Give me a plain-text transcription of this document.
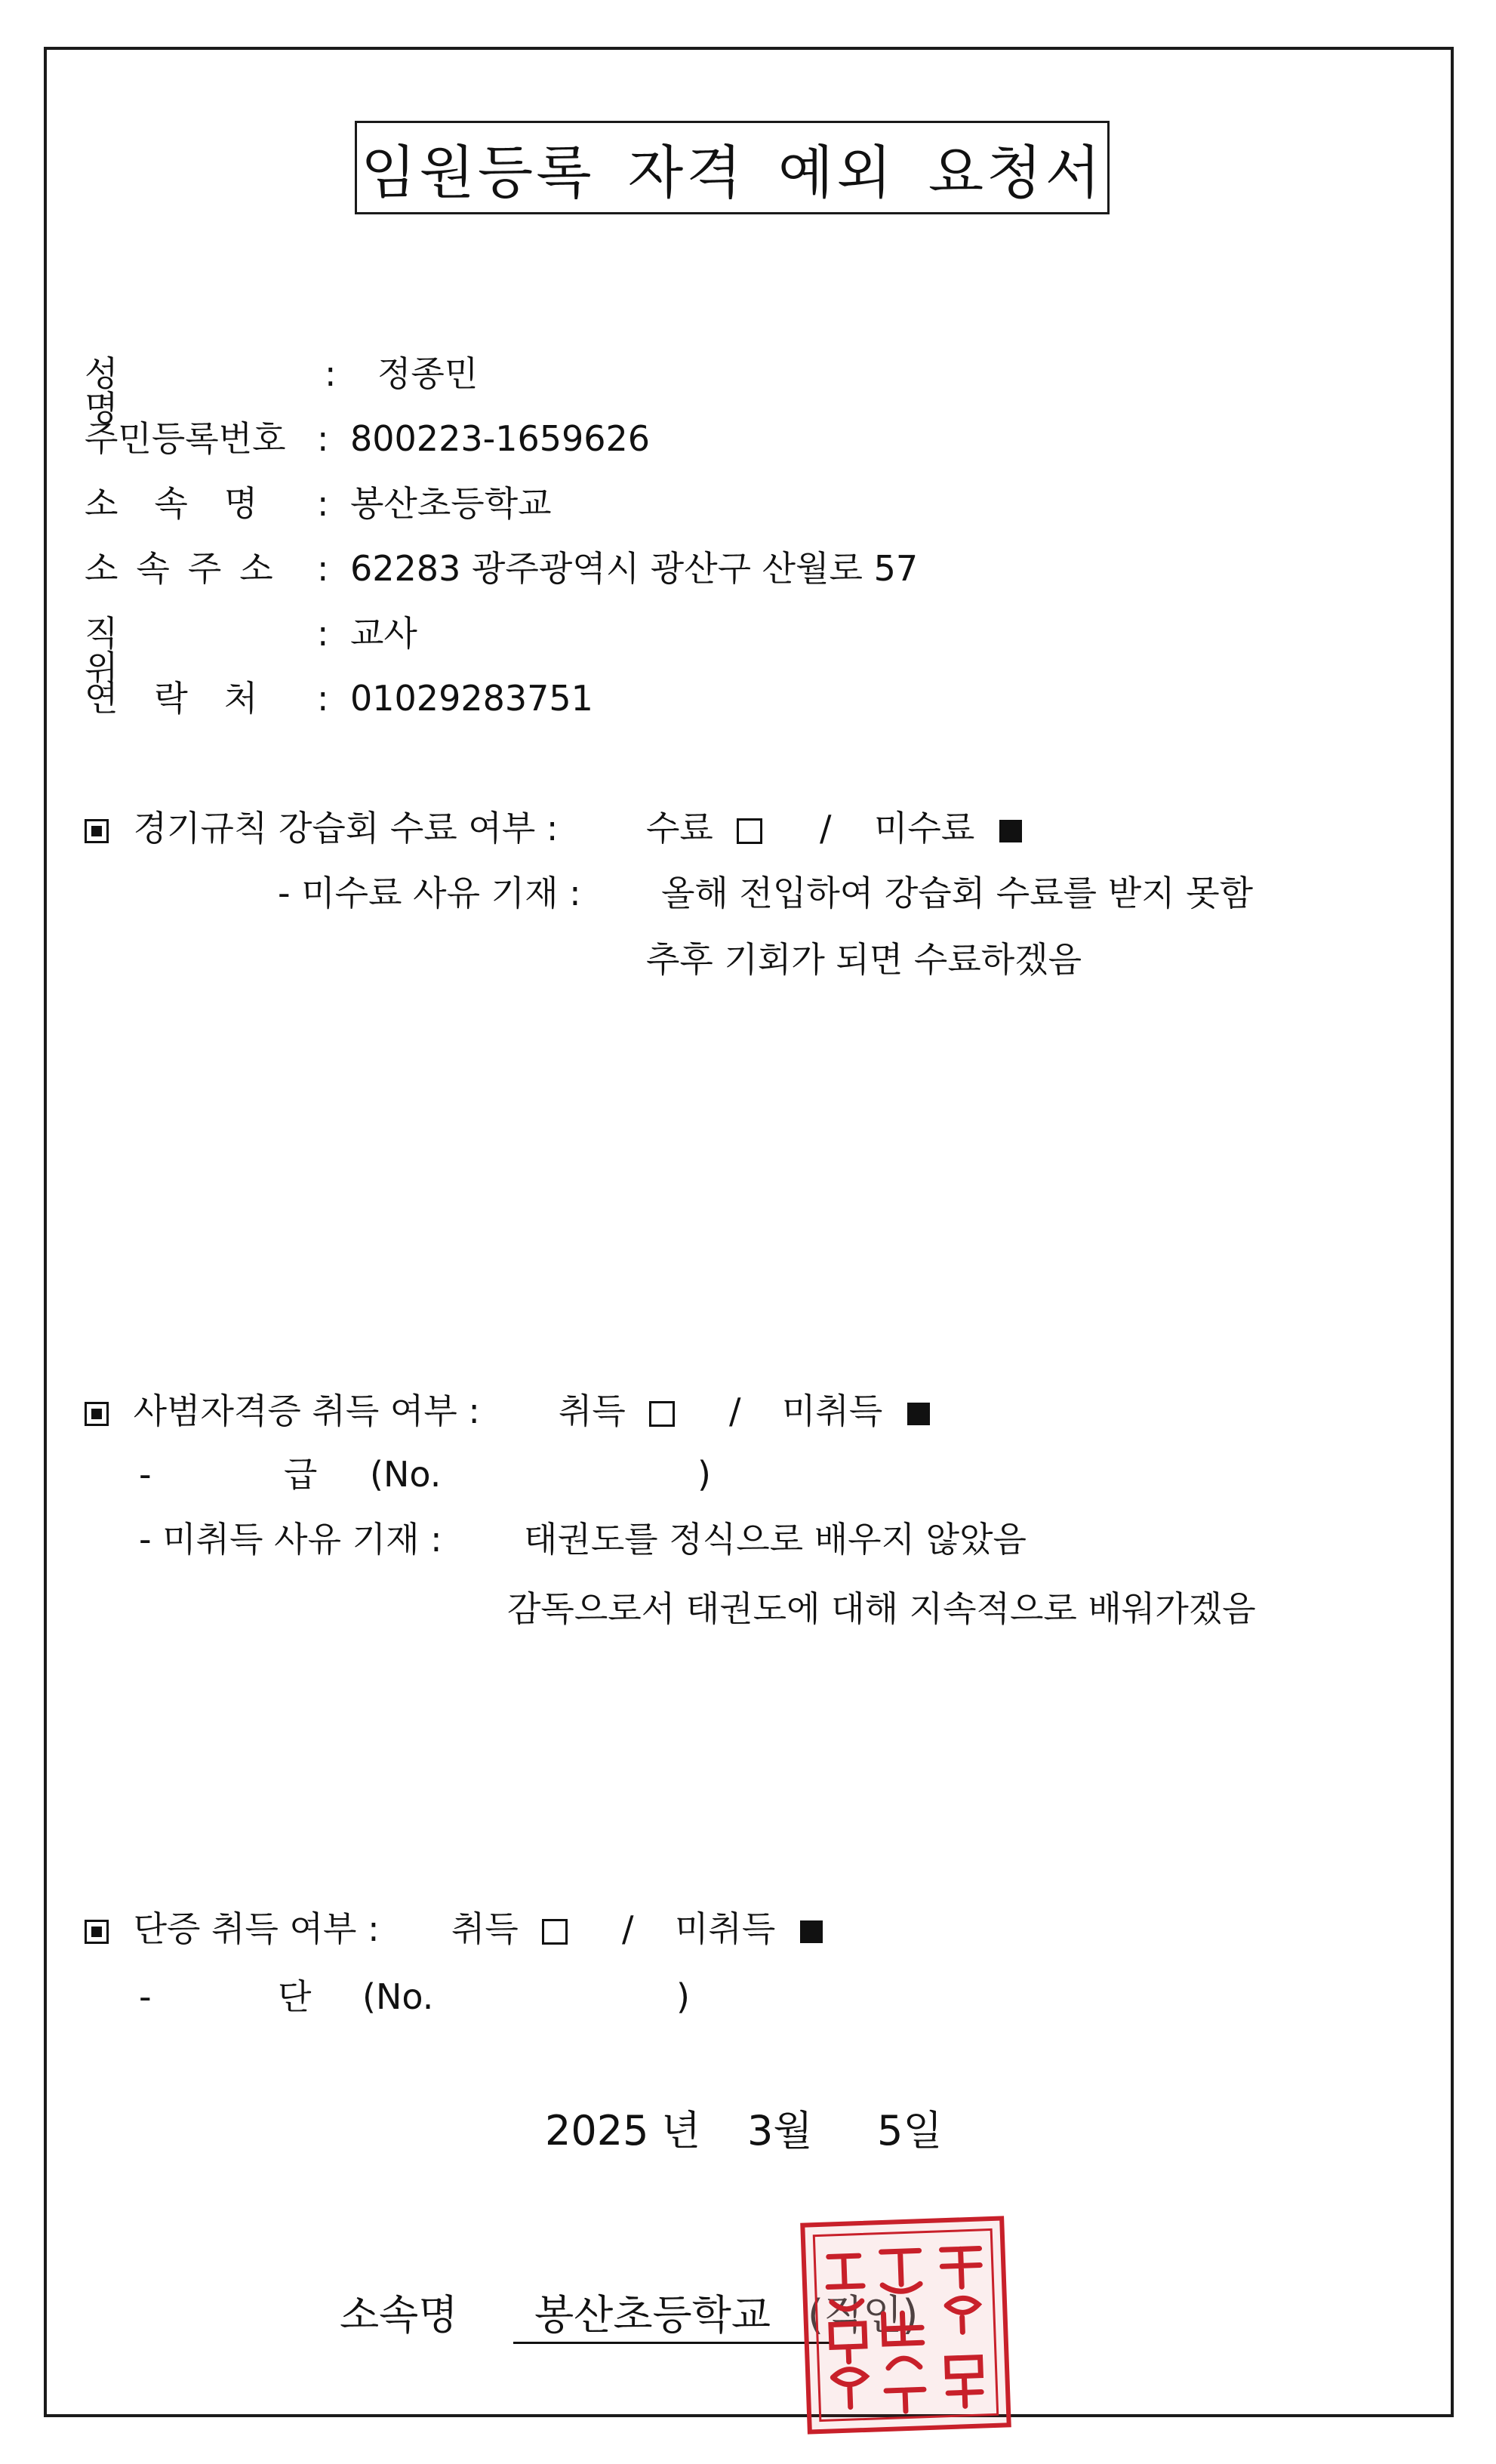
임원등록 자격 예외 요청서
성명
: 정종민
주민등록번호 : 800223-1659626
소속명 : 봉산초등학교
소속주소 : 62283 광주광역시 광산구 산월로 57
직위
: 교사
연락처 : 01029283751
경기규칙 강습회 수료 여부 :	수료	/ 미수료
- 미수료 사유 기재 : 올해 전입하여 강습회 수료를 받지 못함
추후 기회가 되면 수료하겠음
사범자격증 취득 여부 : 취득	/ 미취득
-	급 (No.	)
- 미취득 사유 기재 : 태권도를 정식으로 배우지 않았음
감독으로서 태권도에 대해 지속적으로 배워가겠음
단증 취득 여부 : 취득	/ 미취득
-	단 (No.	)
2025 년 3월 5일
소속명 봉산초등학교 (직인)
